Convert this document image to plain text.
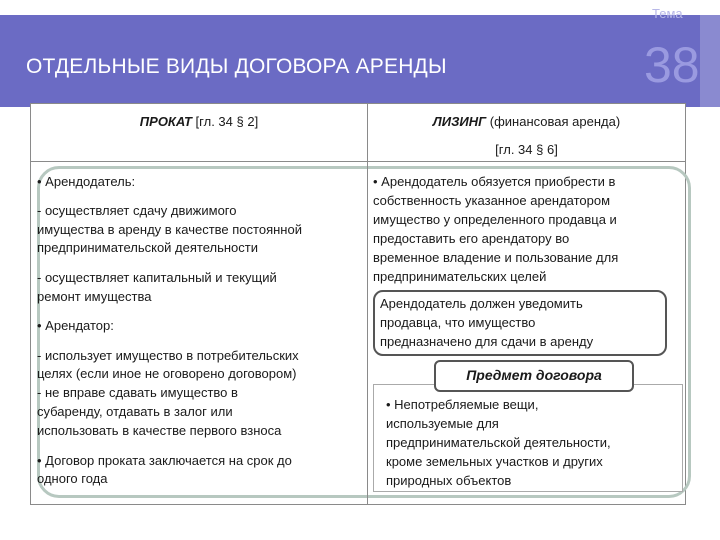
ОТДЕЛЬНЫЕ ВИДЫ ДОГОВОРА АРЕНДЫ
Тема
38
ПРОКАТ [гл. 34 § 2]	ЛИЗИНГ (финансовая аренда)
[гл. 34 § 6]
• Арендодатель:
- осуществляет сдачу движимого
имущества в аренду в качестве постоянной
предпринимательской деятельности
- осуществляет капитальный и текущий
ремонт имущества
• Арендатор:
- использует имущество в потребительских
целях (если иное не оговорено договором)
- не вправе сдавать имущество в
субаренду, отдавать в залог или
использовать в качестве первого взноса
• Договор проката заключается на срок до
одного года
• Арендодатель обязуется приобрести в
собственность указанное арендатором
имущество у определенного продавца и
предоставить его арендатору во
временное владение и пользование для
предпринимательских целей
Арендодатель должен уведомить
продавца, что имущество
предназначено для сдачи в аренду
• Непотребляемые вещи,
используемые для
предпринимательской деятельности,
кроме земельных участков и других
природных объектов
Предмет договора
